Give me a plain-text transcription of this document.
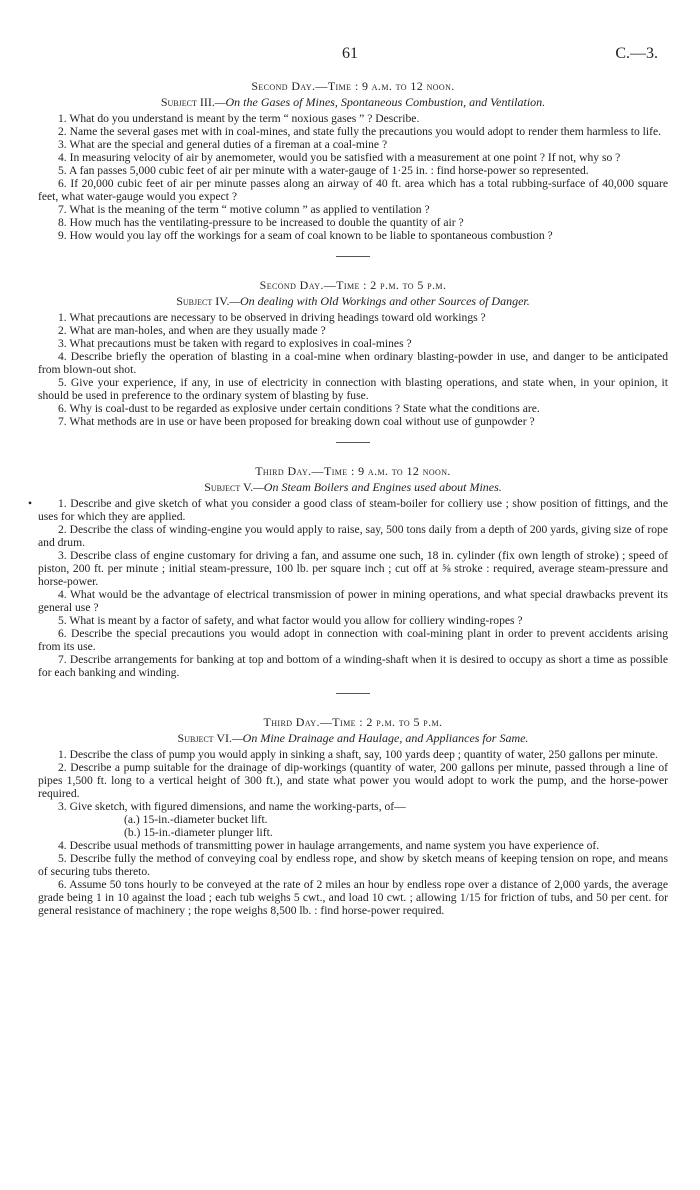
61	C.—3.

Second Day.—Time : 9 a.m. to 12 noon.

Subject III.—On the Gases of Mines, Spontaneous Combustion, and Ventilation.

1. What do you understand is meant by the term “ noxious gases ” ? Describe.

2. Name the several gases met with in coal-mines, and state fully the precautions you would adopt to render them harmless to life.

3. What are the special and general duties of a fireman at a coal-mine ?

4. In measuring velocity of air by anemometer, would you be satisfied with a measurement at one point ? If not, why so ?

5. A fan passes 5,000 cubic feet of air per minute with a water-gauge of 1·25 in. : find horse-power so represented.

6. If 20,000 cubic feet of air per minute passes along an airway of 40 ft. area which has a total rubbing-surface of 40,000 square feet, what water-gauge would you expect ?

7. What is the meaning of the term “ motive column ” as applied to ventilation ?

8. How much has the ventilating-pressure to be increased to double the quantity of air ?

9. How would you lay off the workings for a seam of coal known to be liable to spontaneous combustion ?

Second Day.—Time : 2 p.m. to 5 p.m.

Subject IV.—On dealing with Old Workings and other Sources of Danger.

1. What precautions are necessary to be observed in driving headings toward old workings ?

2. What are man-holes, and when are they usually made ?

3. What precautions must be taken with regard to explosives in coal-mines ?

4. Describe briefly the operation of blasting in a coal-mine when ordinary blasting-powder in use, and danger to be anticipated from blown-out shot.

5. Give your experience, if any, in use of electricity in connection with blasting operations, and state when, in your opinion, it should be used in preference to the ordinary system of blasting by fuse.

6. Why is coal-dust to be regarded as explosive under certain conditions ? State what the conditions are.

7. What methods are in use or have been proposed for breaking down coal without use of gunpowder ?

Third Day.—Time : 9 a.m. to 12 noon.

Subject V.—On Steam Boilers and Engines used about Mines.

•	1. Describe and give sketch of what you consider a good class of steam-boiler for colliery use ; show position of fittings, and the uses for which they are applied.

2. Describe the class of winding-engine you would apply to raise, say, 500 tons daily from a depth of 200 yards, giving size of rope and drum.

3. Describe class of engine customary for driving a fan, and assume one such, 18 in. cylinder (fix own length of stroke) ; speed of piston, 200 ft. per minute ; initial steam-pressure, 100 lb. per square inch ; cut off at ⅝ stroke : required, average steam-pressure and horse-power.

4. What would be the advantage of electrical transmission of power in mining operations, and what special drawbacks prevent its general use ?

5. What is meant by a factor of safety, and what factor would you allow for colliery winding-ropes ?

6. Describe the special precautions you would adopt in connection with coal-mining plant in order to prevent accidents arising from its use.

7. Describe arrangements for banking at top and bottom of a winding-shaft when it is desired to occupy as short a time as possible for each banking and winding.

Third Day.—Time : 2 p.m. to 5 p.m.

Subject VI.—On Mine Drainage and Haulage, and Appliances for Same.

1. Describe the class of pump you would apply in sinking a shaft, say, 100 yards deep ; quantity of water, 250 gallons per minute.

2. Describe a pump suitable for the drainage of dip-workings (quantity of water, 200 gallons per minute, passed through a line of pipes 1,500 ft. long to a vertical height of 300 ft.), and state what power you would adopt to work the pump, and the horse-power required.

3. Give sketch, with figured dimensions, and name the working-parts, of—

(a.) 15-in.-diameter bucket lift.

(b.) 15-in.-diameter plunger lift.

4. Describe usual methods of transmitting power in haulage arrangements, and name system you have experience of.

5. Describe fully the method of conveying coal by endless rope, and show by sketch means of keeping tension on rope, and means of securing tubs thereto.

6. Assume 50 tons hourly to be conveyed at the rate of 2 miles an hour by endless rope over a distance of 2,000 yards, the average grade being 1 in 10 against the load ; each tub weighs 5 cwt., and load 10 cwt. ; allowing 1/15 for friction of tubs, and 50 per cent. for general resistance of machinery ; the rope weighs 8,500 lb. : find horse-power required.
